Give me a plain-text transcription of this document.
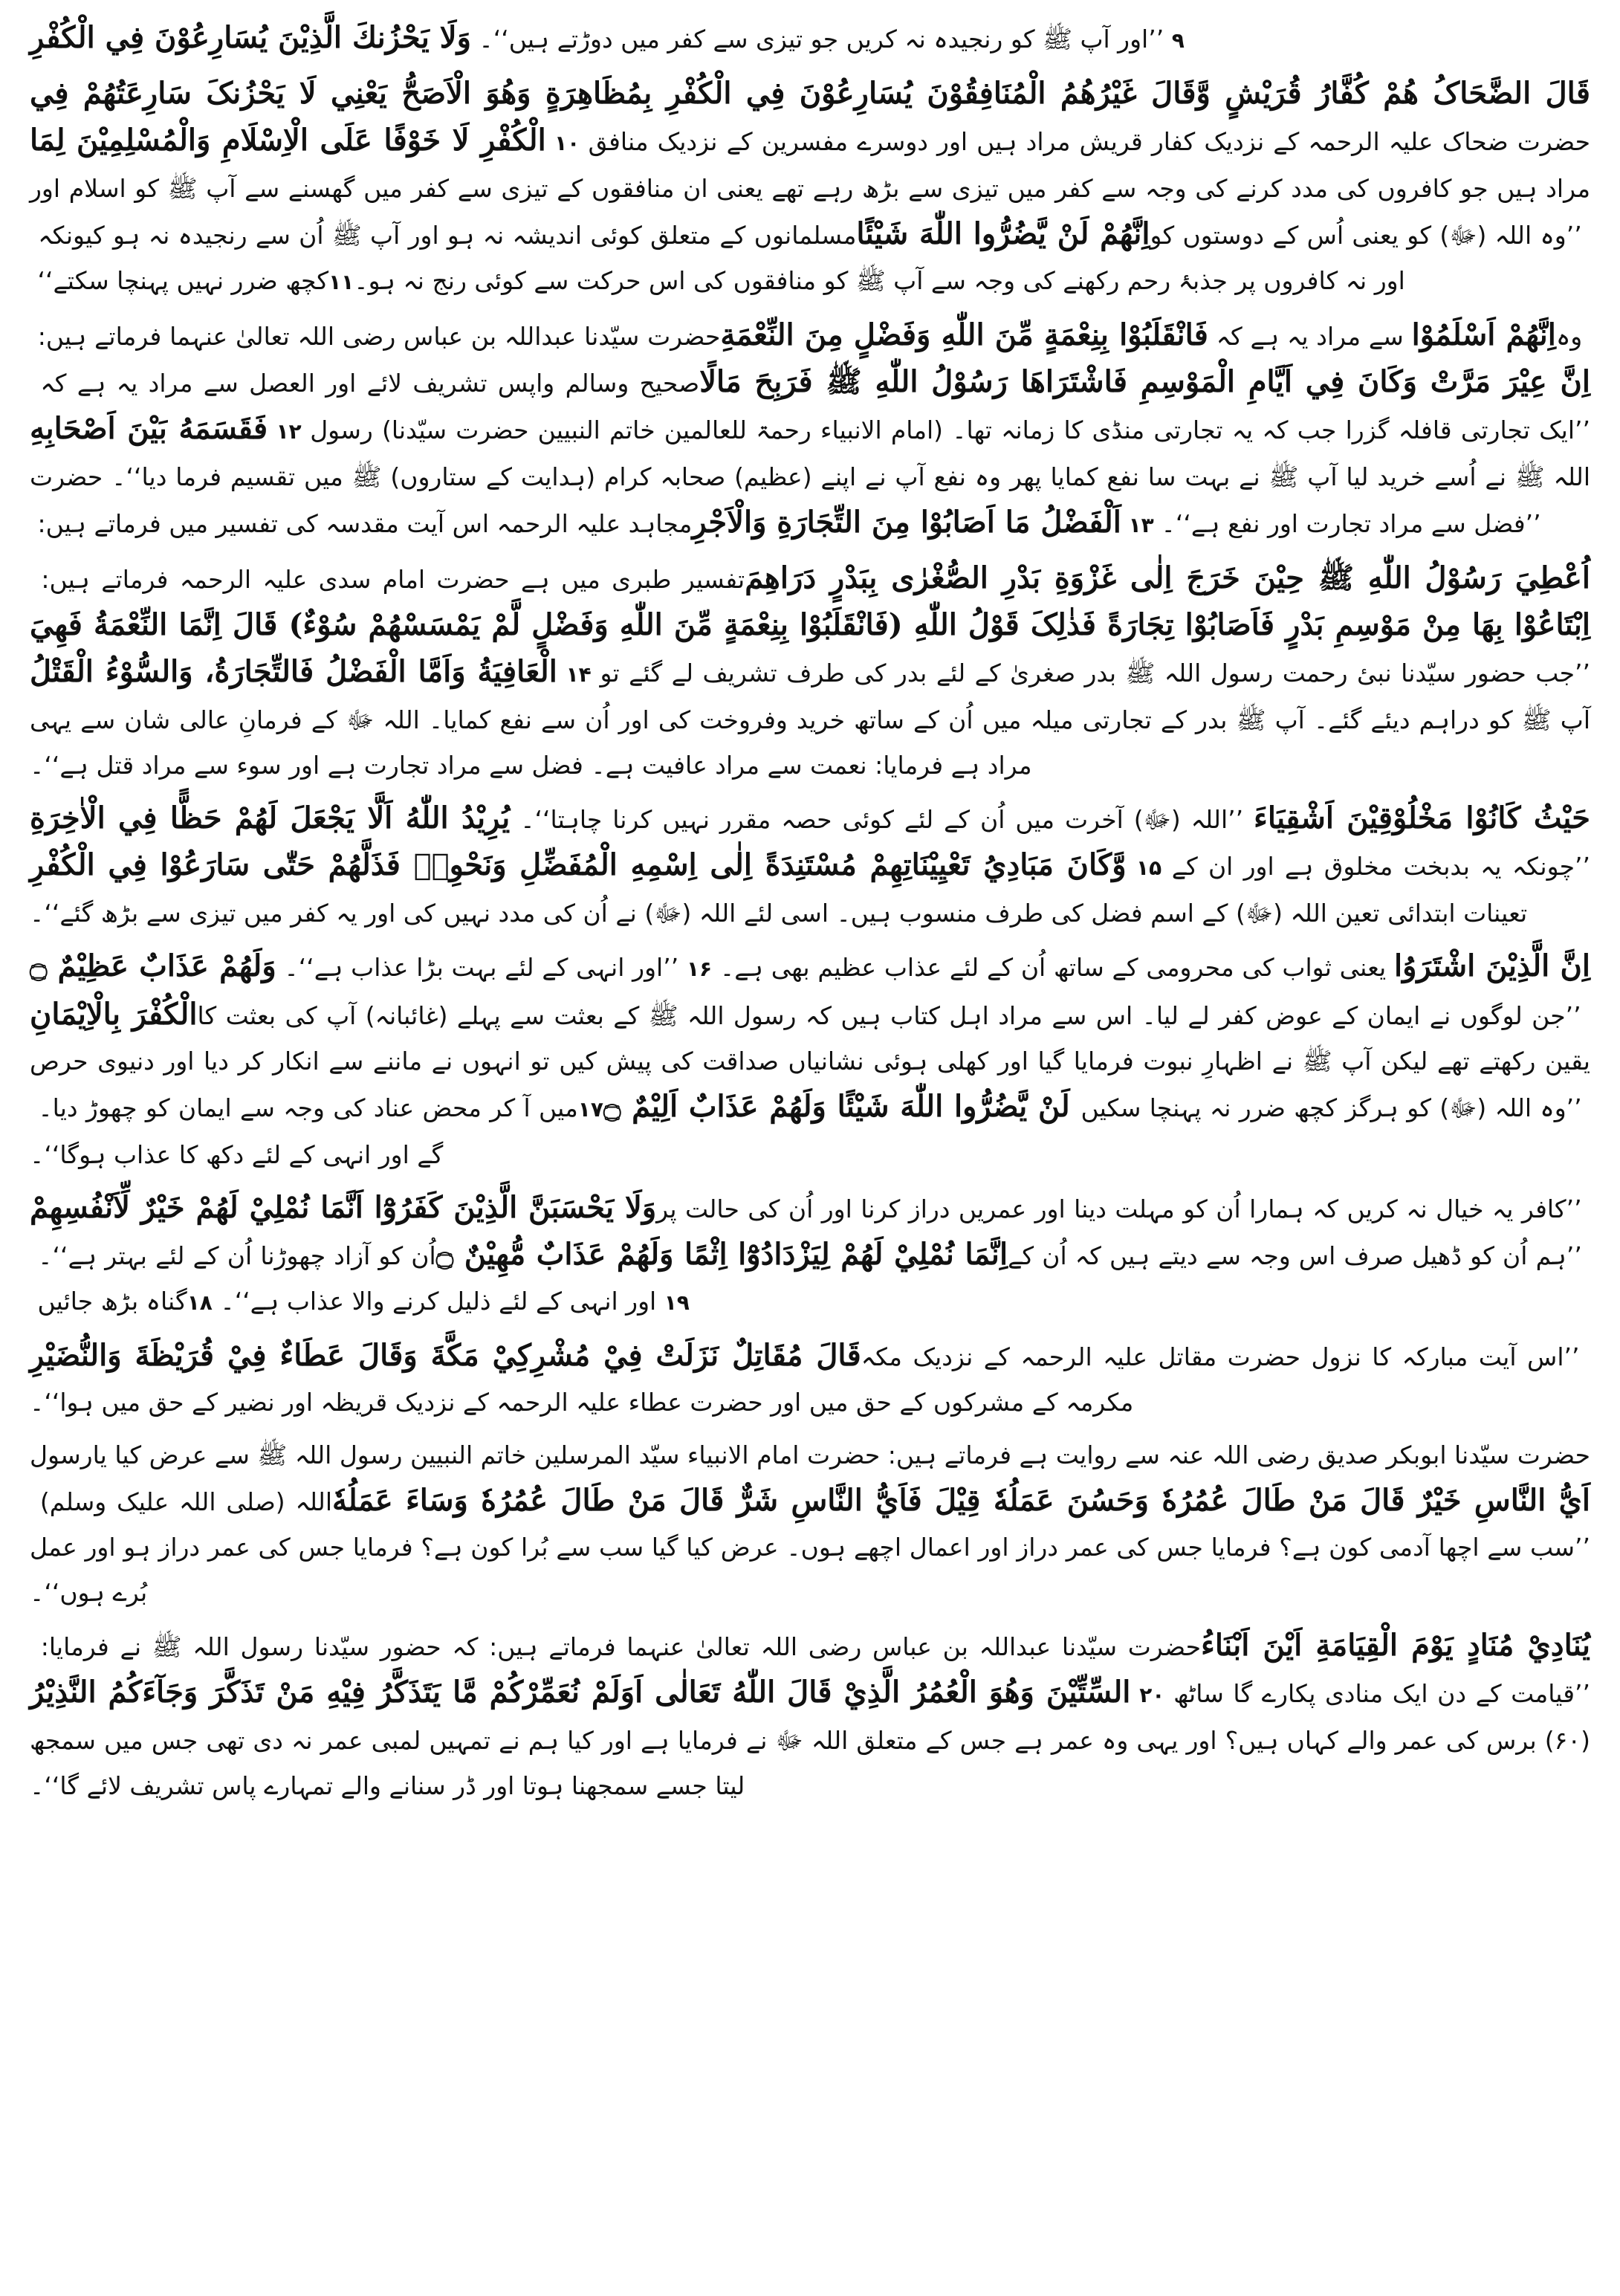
وَلَا يَحْزُنكَ الَّذِيْنَ يُسَارِعُوْنَ فِي الْكُفْرِ ’’اور آپ ﷺ کو رنجیدہ نہ کریں جو تیزی سے کفر میں دوڑتے ہیں‘‘۔ ۹

قَالَ الضَّحَاکُ هُمْ کُفَّارُ قُرَيْشٍ وَّقَالَ غَيْرُهُمُ الْمُنَافِقُوْنَ يُسَارِعُوْنَ فِي الْكُفْرِ بِمُظَاهِرَةٍ وَهُوَ الْاَصَحُّ يَعْنِي لَا يَحْزُنکَ سَارِعَتُهُمْ فِي الْكُفْرِ لَا خَوْفًا عَلَى الْاِسْلَامِ وَالْمُسْلِمِيْنَ لِمَا ۱۰ حضرت ضحاک علیہ الرحمہ کے نزدیک کفار قریش مراد ہیں اور دوسرے مفسرین کے نزدیک منافق مراد ہیں جو کافروں کی مدد کرنے کی وجہ سے کفر میں تیزی سے بڑھ رہے تھے یعنی ان منافقوں کے تیزی سے کفر میں گھسنے سے آپ ﷺ کو اسلام اور مسلمانوں کے متعلق کوئی اندیشہ نہ ہو اور آپ ﷺ اُن سے رنجیدہ نہ ہو کیونکہ اِنَّهُمْ لَنْ يَّضُرُّوا اللّٰهَ شَيْئًا ’’وہ اللہ (ﷻ) کو یعنی اُس کے دوستوں کو کچھ ضرر نہیں پہنچا سکتے‘‘ ۱۱ اور نہ کافروں پر جذبۂ رحم رکھنے کی وجہ سے آپ ﷺ کو منافقوں کی اس حرکت سے کوئی رنج نہ ہو۔

حضرت سیّدنا عبداللہ بن عباس رضی اللہ تعالیٰ عنہما فرماتے ہیں: فَانْقَلَبُوْا بِنِعْمَةٍ مِّنَ اللّٰهِ وَفَضْلٍ مِنَ النِّعْمَةِ سے مراد یہ ہے کہ اِنَّهُمْ اَسْلَمُوْا وہ صحیح وسالم واپس تشریف لائے اور العصل سے مراد یہ ہے کہ اِنَّ عِيْرَ مَرَّتْ وَكَانَ فِي اَيَّامِ الْمَوْسِمِ فَاشْتَرَاهَا رَسُوْلُ اللّٰهِ ﷺ فَرَبِحَ مَالًا فَقَسَمَهُ بَيْنَ اَصْحَابِهِ ۱۲ ’’ایک تجارتی قافلہ گزرا جب کہ یہ تجارتی منڈی کا زمانہ تھا۔ (امام الانبیاء رحمۃ للعالمین خاتم النبیین حضرت سیّدنا) رسول اللہ ﷺ نے اُسے خرید لیا آپ ﷺ نے بہت سا نفع کمایا پھر وہ نفع آپ نے اپنے (عظیم) صحابہ کرام (ہدایت کے ستاروں) ﷺ میں تقسیم فرما دیا‘‘۔ حضرت مجاہد علیہ الرحمہ اس آیت مقدسہ کی تفسیر میں فرماتے ہیں: اَلْفَضْلُ مَا اَصَابُوْا مِنَ التِّجَارَةِ وَالْاَجْرِ ۱۳ ’’فضل سے مراد تجارت اور نفع ہے‘‘۔

تفسیر طبری میں ہے حضرت امام سدی علیہ الرحمہ فرماتے ہیں: اُعْطِيَ رَسُوْلُ اللّٰهِ ﷺ حِيْنَ خَرَجَ اِلٰى غَزْوَةِ بَدْرِ الصُّغْرٰى بِبَدْرٍ دَرَاهِمَ اِبْتَاعُوْا بِهَا مِنْ مَوْسِمِ بَدْرٍ فَاَصَابُوْا تِجَارَةً فَذٰلِکَ قَوْلُ اللّٰهِ (فَانْقَلَبُوْا بِنِعْمَةٍ مِّنَ اللّٰهِ وَفَضْلٍ لَّمْ يَمْسَسْهُمْ سُوْءٌ) قَالَ اِنَّمَا النِّعْمَةُ فَهِيَ الْعَافِيَةُ وَاَمَّا الْفَضْلُ فَالتِّجَارَةُ، وَالسُّوْءُ الْقَتْلُ ۱۴ ’’جب حضور سیّدنا نبیٔ رحمت رسول اللہ ﷺ بدر صغریٰ کے لئے بدر کی طرف تشریف لے گئے تو آپ ﷺ کو دراہم دیئے گئے۔ آپ ﷺ بدر کے تجارتی میلہ میں اُن کے ساتھ خرید وفروخت کی اور اُن سے نفع کمایا۔ اللہ ﷻ کے فرمانِ عالی شان سے یہی مراد ہے فرمایا: نعمت سے مراد عافیت ہے۔ فضل سے مراد تجارت ہے اور سوء سے مراد قتل ہے‘‘۔

يُرِيْدُ اللّٰهُ اَلَّا يَجْعَلَ لَهُمْ حَظًّا فِي الْاٰخِرَةِ ’’اللہ (ﷻ) آخرت میں اُن کے لئے کوئی حصہ مقرر نہیں کرنا چاہتا‘‘۔ حَيْثُ كَانُوْا مَخْلُوْقِيْنَ اَشْقِيَاءَ وَّكَانَ مَبَادِيُ تَعْيِيْنَاتِهِمْ مُسْتَنِدَةً اِلٰى اِسْمِهِ الْمُفَضِّلِ وَنَحْوِهٖ فَذَلَّهُمْ حَتّٰى سَارَعُوْا فِي الْكُفْرِ ۱۵ ’’چونکہ یہ بدبخت مخلوق ہے اور ان کے تعینات ابتدائی تعین اللہ (ﷻ) کے اسم فضل کی طرف منسوب ہیں۔ اسی لئے اللہ (ﷻ) نے اُن کی مدد نہیں کی اور یہ کفر میں تیزی سے بڑھ گئے‘‘۔

وَلَهُمْ عَذَابٌ عَظِيْمٌ ۝ ’’اور انہی کے لئے بہت بڑا عذاب ہے‘‘۔ ۱۶ یعنی ثواب کی محرومی کے ساتھ اُن کے لئے عذاب عظیم بھی ہے۔ اِنَّ الَّذِيْنَ اشْتَرَوُا الْكُفْرَ بِالْاِيْمَانِ ’’جن لوگوں نے ایمان کے عوض کفر لے لیا۔ اس سے مراد اہل کتاب ہیں کہ رسول اللہ ﷺ کے بعثت سے پہلے (غائبانہ) آپ کی بعثت کا یقین رکھتے تھے لیکن آپ ﷺ نے اظہارِ نبوت فرمایا گیا اور کھلی ہوئی نشانیاں صداقت کی پیش کیں تو انہوں نے ماننے سے انکار کر دیا اور دنیوی حرص میں آ کر محض عناد کی وجہ سے ایمان کو چھوڑ دیا۔ ۱۷ لَنْ يَّضُرُّوا اللّٰهَ شَيْئًا وَلَهُمْ عَذَابٌ اَلِيْمٌ ۝ ’’وہ اللہ (ﷻ) کو ہرگز کچھ ضرر نہ پہنچا سکیں گے اور انہی کے لئے دکھ کا عذاب ہوگا‘‘۔

وَلَا يَحْسَبَنَّ الَّذِيْنَ كَفَرُوْٓا اَنَّمَا نُمْلِيْ لَهُمْ خَيْرٌ لِّاَنْفُسِهِمْ ’’کافر یہ خیال نہ کریں کہ ہمارا اُن کو مہلت دینا اور عمریں دراز کرنا اور اُن کی حالت پر اُن کو آزاد چھوڑنا اُن کے لئے بہتر ہے‘‘۔ اِنَّمَا نُمْلِيْ لَهُمْ لِيَزْدَادُوْٓا اِثْمًا وَلَهُمْ عَذَابٌ مُّهِيْنٌ ۝ ’’ہم اُن کو ڈھیل صرف اس وجہ سے دیتے ہیں کہ اُن کے گناہ بڑھ جائیں ۱۸ اور انہی کے لئے ذلیل کرنے والا عذاب ہے‘‘۔ ۱۹

قَالَ مُقَاتِلٌ نَزَلَتْ فِيْ مُشْرِكِيْ مَكَّةَ وَقَالَ عَطَاءٌ فِيْ قُرَيْظَةَ وَالنُّضَيْرِ ’’اس آیت مبارکہ کا نزول حضرت مقاتل علیہ الرحمہ کے نزدیک مکہ مکرمہ کے مشرکوں کے حق میں اور حضرت عطاء علیہ الرحمہ کے نزدیک قریظہ اور نضیر کے حق میں ہوا‘‘۔

حضرت سیّدنا ابوبکر صدیق رضی اللہ عنہ سے روایت ہے فرماتے ہیں: حضرت امام الانبیاء سیّد المرسلین خاتم النبیین رسول اللہ ﷺ سے عرض کیا یارسول اللہ (صلی اللہ علیک وسلم) اَيُّ النَّاسِ خَيْرٌ قَالَ مَنْ طَالَ عُمُرُهٗ وَحَسُنَ عَمَلُهٗ قِيْلَ فَاَيُّ النَّاسِ شَرٌّ قَالَ مَنْ طَالَ عُمُرُهٗ وَسَاءَ عَمَلُهٗ ’’سب سے اچھا آدمی کون ہے؟ فرمایا جس کی عمر دراز اور اعمال اچھے ہوں۔ عرض کیا گیا سب سے بُرا کون ہے؟ فرمایا جس کی عمر دراز ہو اور عمل بُرے ہوں‘‘۔

حضرت سیّدنا عبداللہ بن عباس رضی اللہ تعالیٰ عنہما فرماتے ہیں: کہ حضور سیّدنا رسول اللہ ﷺ نے فرمایا: يُنَادِيْ مُنَادٍ يَوْمَ الْقِيَامَةِ اَيْنَ اَبْنَاءُ السِّتِّيْنَ وَهُوَ الْعُمُرُ الَّذِيْ قَالَ اللّٰهُ تَعَالٰى اَوَلَمْ نُعَمِّرْكُمْ مَّا يَتَذَكَّرُ فِيْهِ مَنْ تَذَكَّرَ وَجَآءَكُمُ النَّذِيْرُ ۲۰ ’’قیامت کے دن ایک منادی پکارے گا ساٹھ (۶۰) برس کی عمر والے کہاں ہیں؟ اور یہی وہ عمر ہے جس کے متعلق اللہ ﷻ نے فرمایا ہے اور کیا ہم نے تمہیں لمبی عمر نہ دی تھی جس میں سمجھ لیتا جسے سمجھنا ہوتا اور ڈر سنانے والے تمہارے پاس تشریف لائے گا‘‘۔
